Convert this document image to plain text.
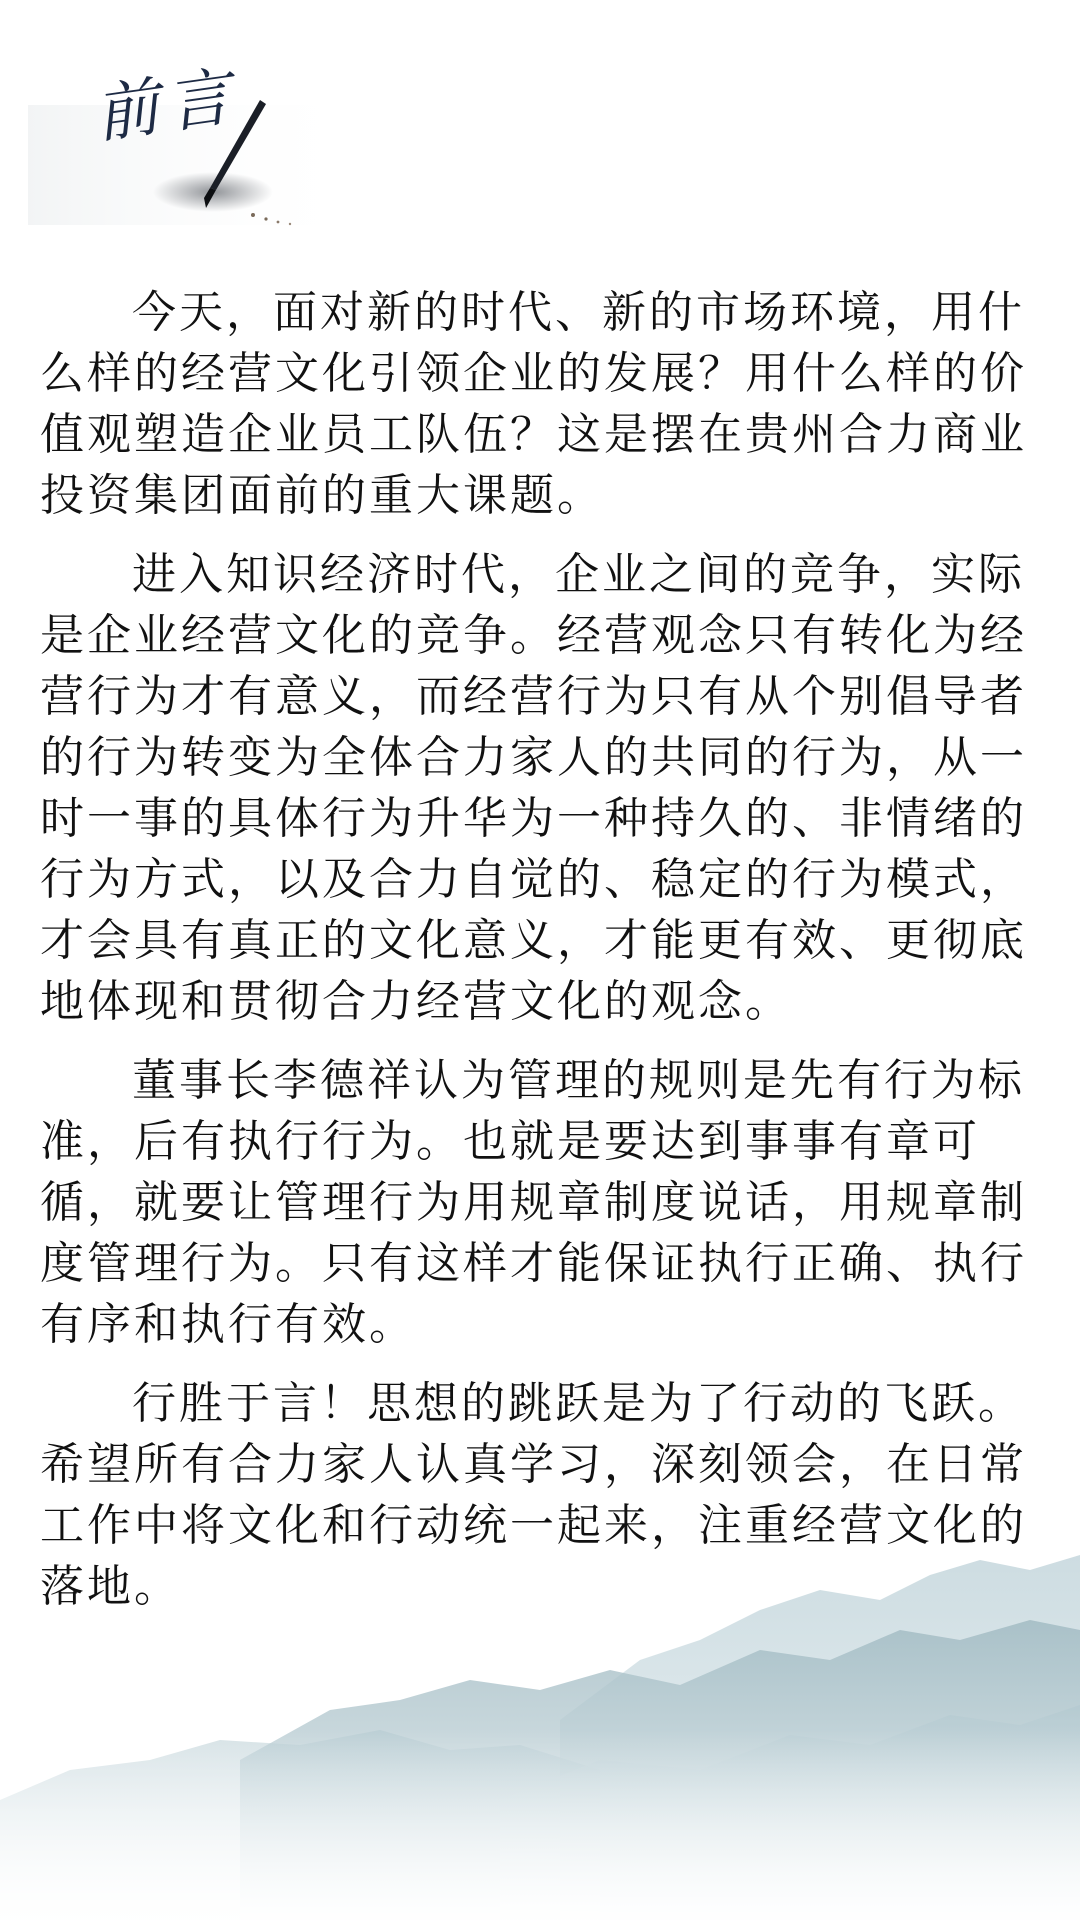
前言

今天，面对新的时代、新的市场环境，用什么样的经营文化引领企业的发展？用什么样的价值观塑造企业员工队伍？这是摆在贵州合力商业投资集团面前的重大课题。

进入知识经济时代，企业之间的竞争，实际是企业经营文化的竞争。经营观念只有转化为经营行为才有意义，而经营行为只有从个别倡导者的行为转变为全体合力家人的共同的行为，从一时一事的具体行为升华为一种持久的、非情绪的行为方式，以及合力自觉的、稳定的行为模式，才会具有真正的文化意义，才能更有效、更彻底地体现和贯彻合力经营文化的观念。

董事长李德祥认为管理的规则是先有行为标准，后有执行行为。也就是要达到事事有章可循，就要让管理行为用规章制度说话，用规章制度管理行为。只有这样才能保证执行正确、执行有序和执行有效。

行胜于言！思想的跳跃是为了行动的飞跃。希望所有合力家人认真学习，深刻领会，在日常工作中将文化和行动统一起来，注重经营文化的落地。
